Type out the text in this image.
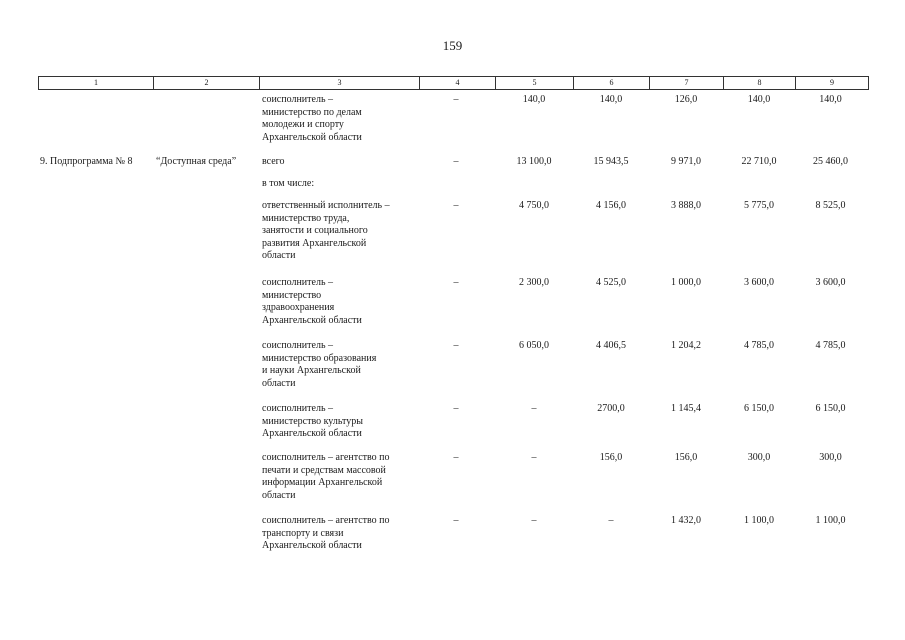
159
1	2	3	4	5	6	7	8	9
соисполнитель –
министерство по делам
молодежи и спорту
Архангельской области
–	140,0	140,0	126,0	140,0	140,0
9. Подпрограмма № 8	“Доступная среда”	всего	–	13 100,0	15 943,5	9 971,0	22 710,0	25 460,0
в том числе:
ответственный исполнитель –
министерство труда,
занятости и социального
развития Архангельской
области
–	4 750,0	4 156,0	3 888,0	5 775,0	8 525,0
соисполнитель –
министерство
здравоохранения
Архангельской области
–	2 300,0	4 525,0	1 000,0	3 600,0	3 600,0
соисполнитель –
министерство образования
и науки Архангельской
области
–	6 050,0	4 406,5	1 204,2	4 785,0	4 785,0
соисполнитель –
министерство культуры
Архангельской области
–	–	2700,0	1 145,4	6 150,0	6 150,0
соисполнитель – агентство по
печати и средствам массовой
информации Архангельской
области
–	–	156,0	156,0	300,0	300,0
соисполнитель – агентство по
транспорту и связи
Архангельской области
–	–	–	1 432,0	1 100,0	1 100,0
